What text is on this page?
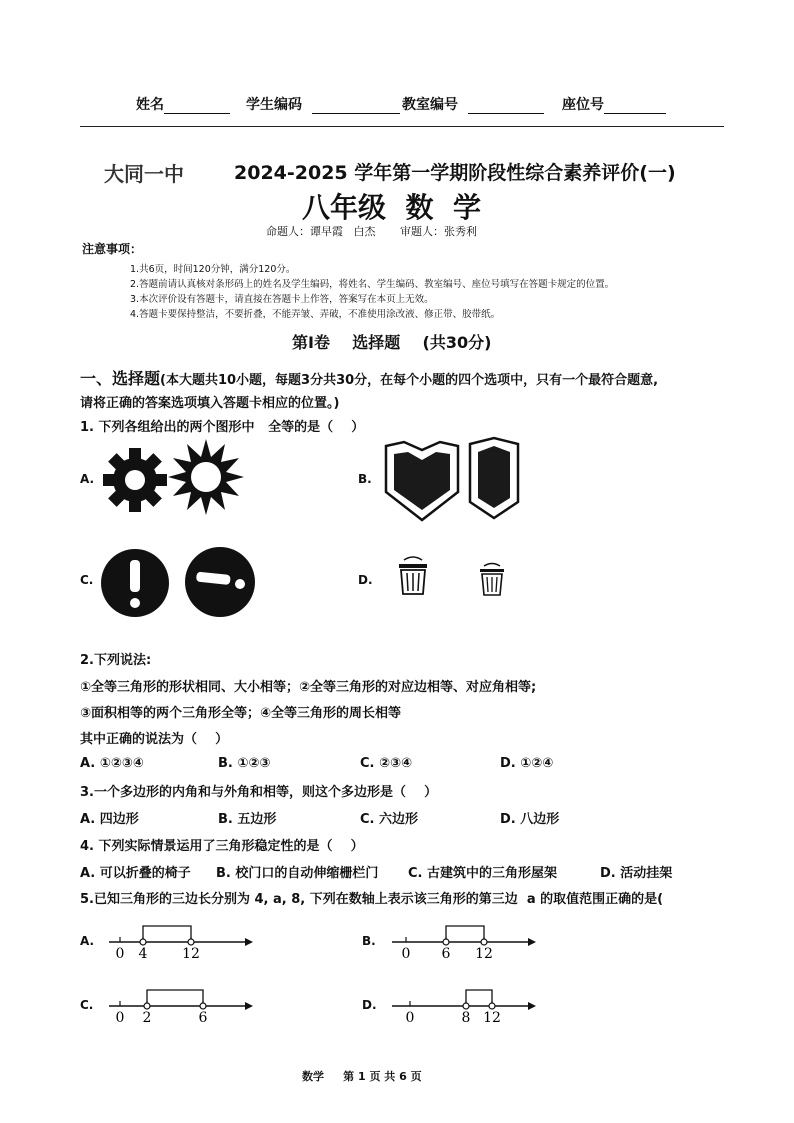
姓名	学生编码	教室编号	座位号
大同一中	2024-2025 学年第一学期阶段性综合素养评价(一)
八年级  数  学
命题人：谭早霞   白杰       审题人：张秀利
注意事项：
1.共6页，时间120分钟，满分120分。
2.答题前请认真核对条形码上的姓名及学生编码，将姓名、学生编码、教室编号、座位号填写在答题卡规定的位置。
3.本次评价设有答题卡，请直接在答题卡上作答，答案写在本页上无效。
4.答题卡要保持整洁，不要折叠，不能弄皱、弄破，不准使用涂改液、修正带、胶带纸。
第Ⅰ卷    选择题    (共30分)
一、选择题(本大题共10小题，每题3分共30分，在每个小题的四个选项中，只有一个最符合题意,
请将正确的答案选项填入答题卡相应的位置。)
1. 下列各组给出的两个图形中   全等的是（    ）
A.	B.
C.	D.
2.下列说法:
①全等三角形的形状相同、大小相等；②全等三角形的对应边相等、对应角相等;
③面积相等的两个三角形全等；④全等三角形的周长相等
其中正确的说法为（    ）
A. ①②③④	B. ①②③	C. ②③④	D. ①②④
3.一个多边形的内角和与外角和相等，则这个多边形是（    ）
A. 四边形	B. 五边形	C. 六边形	D. 八边形
4. 下列实际情景运用了三角形稳定性的是（    ）
A. 可以折叠的椅子 B. 校门口的自动伸缩栅栏门 C. 古建筑中的三角形屋架	D. 活动挂架
5.已知三角形的三边长分别为 4, a, 8, 下列在数轴上表示该三角形的第三边  a 的取值范围正确的是(
A.	B.
C.	D.
0 4 12	0 6 12
0 2	6	0	8 12
数学     第 1 页 共 6 页
